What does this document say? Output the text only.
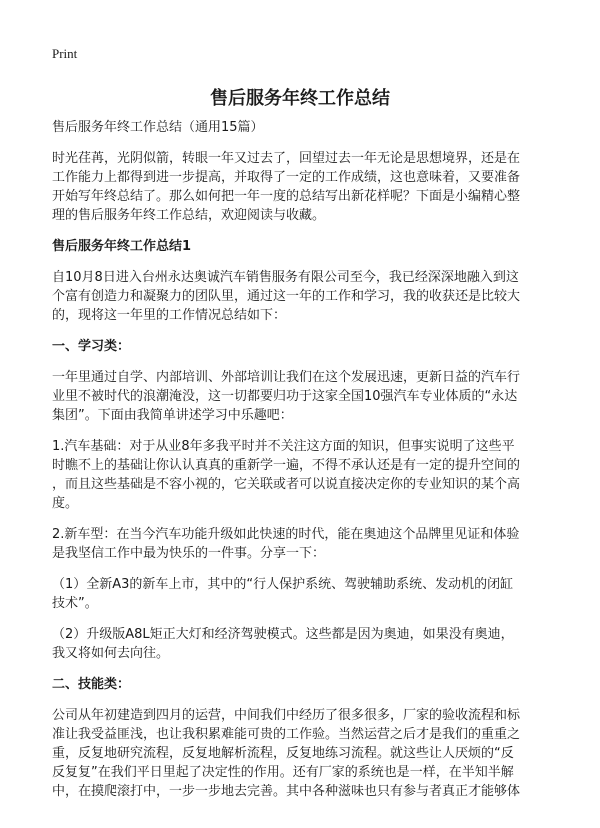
Print
售后服务年终工作总结

售后服务年终工作总结（通用15篇）

时光荏苒，光阴似箭，转眼一年又过去了，回望过去一年无论是思想境界，还是在
工作能力上都得到进一步提高，并取得了一定的工作成绩，这也意味着，又要准备
开始写年终总结了。那么如何把一年一度的总结写出新花样呢？下面是小编精心整
理的售后服务年终工作总结，欢迎阅读与收藏。

售后服务年终工作总结1

自10月8日进入台州永达奥诚汽车销售服务有限公司至今，我已经深深地融入到这
个富有创造力和凝聚力的团队里，通过这一年的工作和学习，我的收获还是比较大
的，现将这一年里的工作情况总结如下：

一、学习类：

一年里通过自学、内部培训、外部培训让我们在这个发展迅速，更新日益的汽车行
业里不被时代的浪潮淹没，这一切都要归功于这家全国10强汽车专业体质的“永达
集团”。下面由我简单讲述学习中乐趣吧：

1.汽车基础：对于从业8年多我平时并不关注这方面的知识，但事实说明了这些平
时瞧不上的基础让你认认真真的重新学一遍，不得不承认还是有一定的提升空间的
，而且这些基础是不容小视的，它关联或者可以说直接决定你的专业知识的某个高
度。

2.新车型：在当今汽车功能升级如此快速的时代，能在奥迪这个品牌里见证和体验
是我坚信工作中最为快乐的一件事。分享一下：

（1）全新A3的新车上市，其中的“行人保护系统、驾驶辅助系统、发动机的闭缸
技术”。

（2）升级版A8L矩正大灯和经济驾驶模式。这些都是因为奥迪，如果没有奥迪，
我又将如何去向往。

二、技能类：

公司从年初建造到四月的运营，中间我们中经历了很多很多，厂家的验收流程和标
准让我受益匪浅，也让我积累难能可贵的工作验。当然运营之后才是我们的重重之
重，反复地研究流程，反复地解析流程，反复地练习流程。就这些让人厌烦的“反
反复复”在我们平日里起了决定性的作用。还有厂家的系统也是一样，在半知半解
中，在摸爬滚打中，一步一步地去完善。其中各种滋味也只有参与者真正才能够体
